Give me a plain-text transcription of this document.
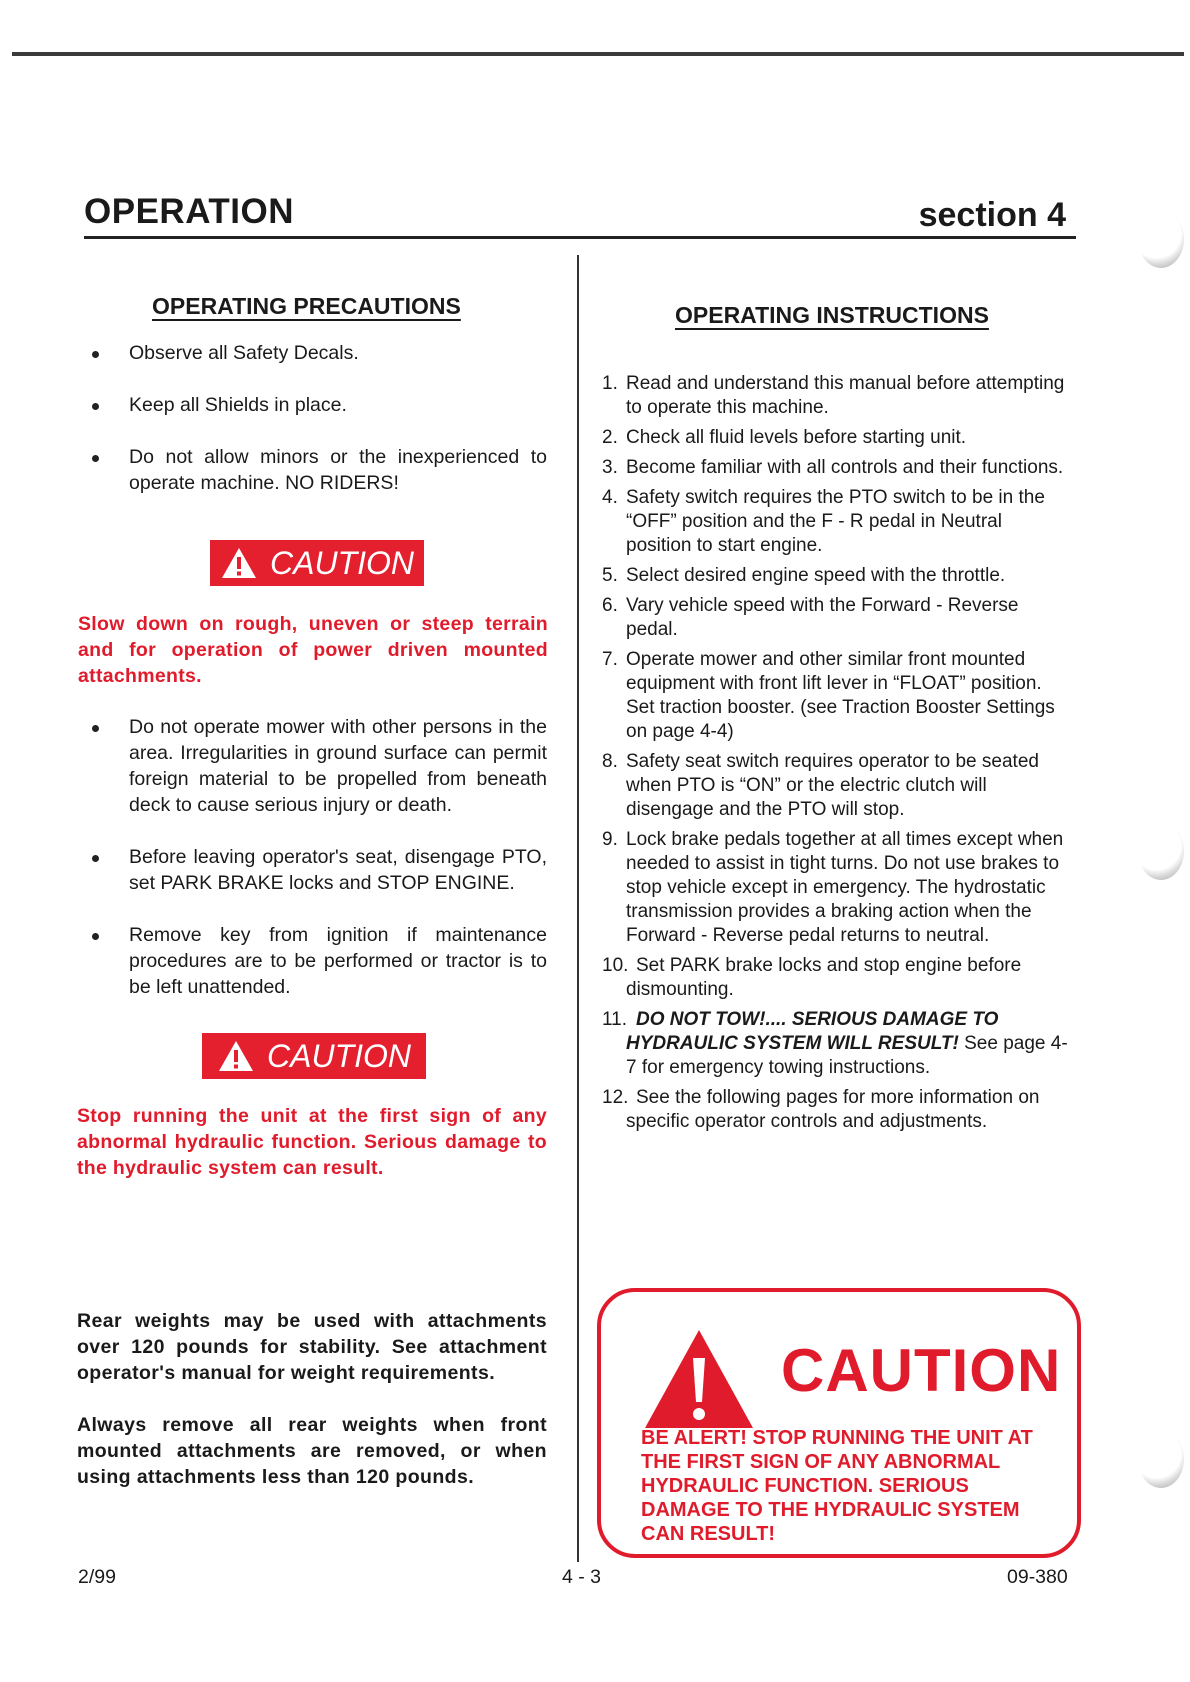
OPERATION	section 4
OPERATING PRECAUTIONS
Observe all Safety Decals.
Keep all Shields in place.
Do not allow minors or the inexperienced to operate machine. NO RIDERS!
CAUTION
Slow down on rough, uneven or steep terrain and for operation of power driven mounted attachments.
Do not operate mower with other persons in the area. Irregularities in ground surface can permit foreign material to be propelled from beneath deck to cause serious injury or death.
Before leaving operator's seat, disengage PTO, set PARK BRAKE locks and STOP ENGINE.
Remove key from ignition if maintenance procedures are to be performed or tractor is to be left unattended.
CAUTION
Stop running the unit at the first sign of any abnormal hydraulic function. Serious damage to the hydraulic system can result.
Rear weights may be used with attachments over 120 pounds for stability. See attachment operator's manual for weight requirements.
Always remove all rear weights when front mounted attachments are removed, or when using attachments less than 120 pounds.
OPERATING INSTRUCTIONS
1. Read and understand this manual before attempting to operate this machine.
2. Check all fluid levels before starting unit.
3. Become familiar with all controls and their functions.
4. Safety switch requires the PTO switch to be in the “OFF” position and the F - R pedal in Neutral position to start engine.
5. Select desired engine speed with the throttle.
6. Vary vehicle speed with the Forward - Reverse pedal.
7. Operate mower and other similar front mounted equipment with front lift lever in “FLOAT” position. Set traction booster. (see Traction Booster Settings on page 4-4)
8. Safety seat switch requires operator to be seated when PTO is “ON” or the electric clutch will disengage and the PTO will stop.
9. Lock brake pedals together at all times except when needed to assist in tight turns. Do not use brakes to stop vehicle except in emergency. The hydrostatic transmission provides a braking action when the Forward - Reverse pedal returns to neutral.
10. Set PARK brake locks and stop engine before dismounting.
11. DO NOT TOW!.... SERIOUS DAMAGE TO HYDRAULIC SYSTEM WILL RESULT! See page 4-7 for emergency towing instructions.
12. See the following pages for more information on specific operator controls and adjustments.
CAUTION
BE ALERT! STOP RUNNING THE UNIT AT THE FIRST SIGN OF ANY ABNORMAL HYDRAULIC FUNCTION. SERIOUS DAMAGE TO THE HYDRAULIC SYSTEM CAN RESULT!
2/99	4 - 3	09-380
